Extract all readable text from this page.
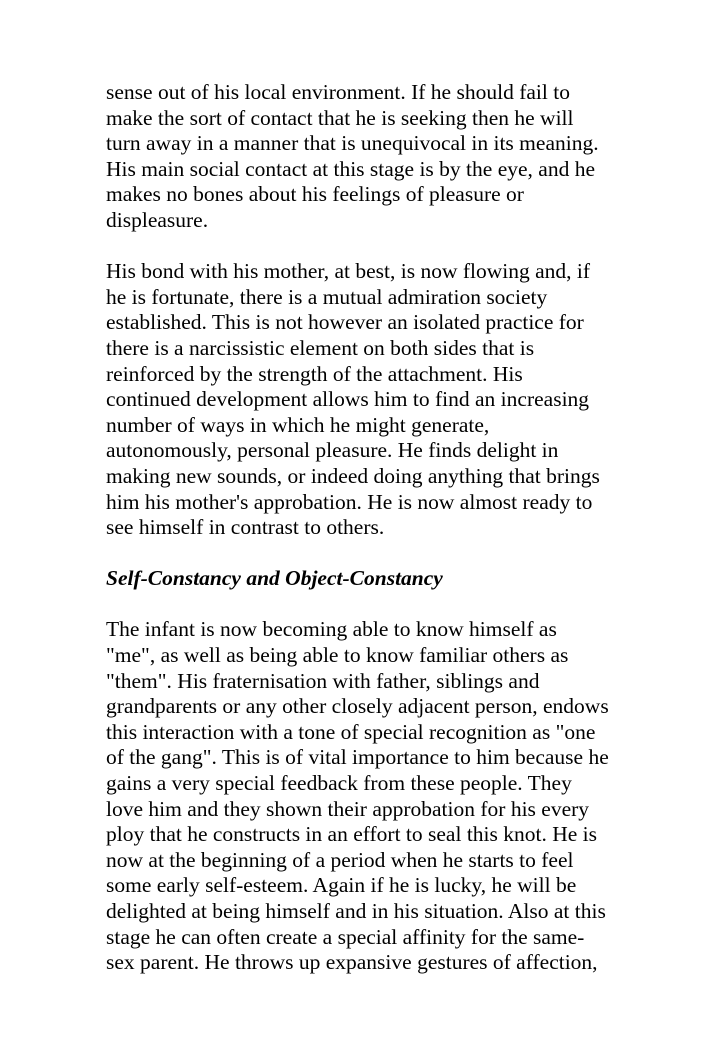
sense out of his local environment. If he should fail to
make the sort of contact that he is seeking then he will
turn away in a manner that is unequivocal in its meaning.
His main social contact at this stage is by the eye, and he
makes no bones about his feelings of pleasure or
displeasure.
His bond with his mother, at best, is now flowing and, if
he is fortunate, there is a mutual admiration society
established. This is not however an isolated practice for
there is a narcissistic element on both sides that is
reinforced by the strength of the attachment. His
continued development allows him to find an increasing
number of ways in which he might generate,
autonomously, personal pleasure. He finds delight in
making new sounds, or indeed doing anything that brings
him his mother's approbation. He is now almost ready to
see himself in contrast to others.
Self-Constancy and Object-Constancy
The infant is now becoming able to know himself as
"me", as well as being able to know familiar others as
"them". His fraternisation with father, siblings and
grandparents or any other closely adjacent person, endows
this interaction with a tone of special recognition as "one
of the gang". This is of vital importance to him because he
gains a very special feedback from these people. They
love him and they shown their approbation for his every
ploy that he constructs in an effort to seal this knot. He is
now at the beginning of a period when he starts to feel
some early self-esteem. Again if he is lucky, he will be
delighted at being himself and in his situation. Also at this
stage he can often create a special affinity for the same-
sex parent. He throws up expansive gestures of affection,
